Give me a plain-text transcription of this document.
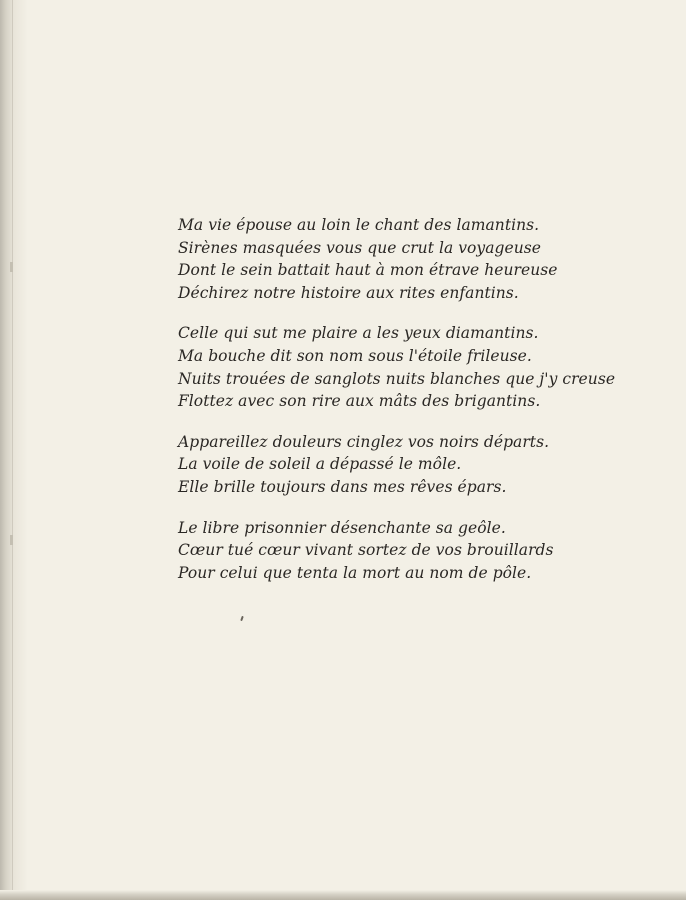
Ma vie épouse au loin le chant des lamantins.
Sirènes masquées vous que crut la voyageuse
Dont le sein battait haut à mon étrave heureuse
Déchirez notre histoire aux rites enfantins.
Celle qui sut me plaire a les yeux diamantins.
Ma bouche dit son nom sous l'étoile frileuse.
Nuits trouées de sanglots nuits blanches que j'y creuse
Flottez avec son rire aux mâts des brigantins.
Appareillez douleurs cinglez vos noirs départs.
La voile de soleil a dépassé le môle.
Elle brille toujours dans mes rêves épars.
Le libre prisonnier désenchante sa geôle.
Cœur tué cœur vivant sortez de vos brouillards
Pour celui que tenta la mort au nom de pôle.
